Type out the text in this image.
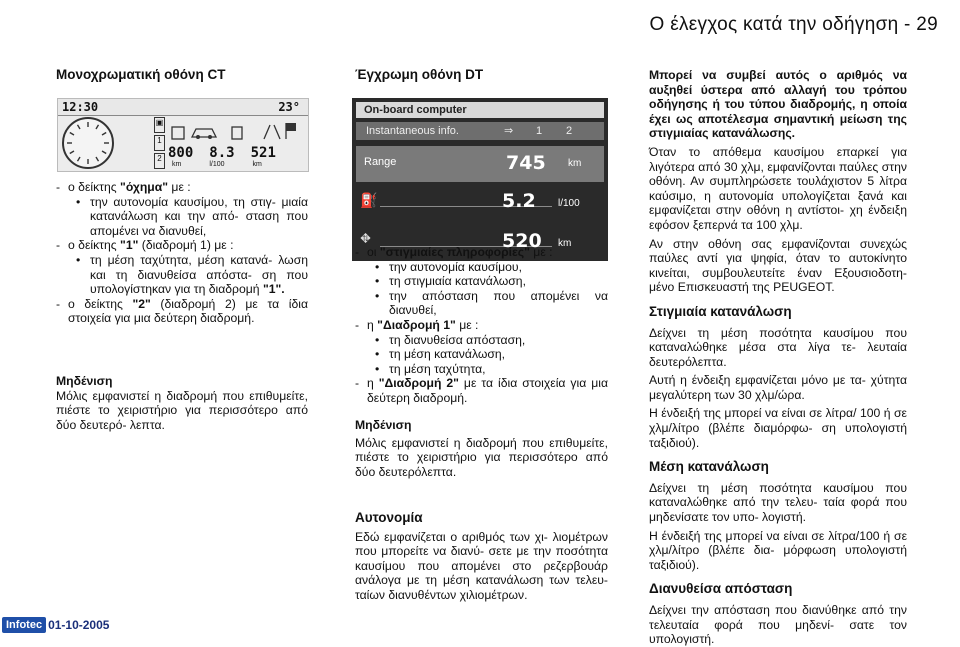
Ο έλεγχος κατά την οδήγηση - 29
Μονοχρωματική οθόνη CT
12:30	23°
▣
1
2 800 8.3 521
km	l/100	km
- ο δείκτης "όχημα" με :
• την αυτονομία καυσίμου, τη στιγ- μιαία κατανάλωση και την από- σταση που απομένει να διανυθεί,

- ο δείκτης "1" (διαδρομή 1) με :
• τη μέση ταχύτητα, μέση κατανά- λωση και τη διανυθείσα απόστα- ση που υπολογίστηκαν για τη διαδρομή "1".

- ο δείκτης "2" (διαδρομή 2) με τα ίδια στοιχεία για μια δεύτερη διαδρομή.

Μηδένιση

Μόλις εμφανιστεί η διαδρομή που επιθυμείτε, πιέστε το χειριστήριο για περισσότερο από δύο δευτερό- λεπτα.

Έγχρωμη οθόνη DT
On-board computer
Instantaneous info.	⇒ 1 2
Range	745 km
⛽	5.2 l/100
⛖	520 km
- οι "στιγμιαίες πληροφορίες" με :
• την αυτονομία καυσίμου,

• τη στιγμιαία κατανάλωση,

• την απόσταση που απομένει να διανυθεί,

- η "Διαδρομή 1" με :
• τη διανυθείσα απόσταση,

• τη μέση κατανάλωση,

• τη μέση ταχύτητα,

- η "Διαδρομή 2" με τα ίδια στοιχεία για μια δεύτερη διαδρομή.

Μηδένιση

Μόλις εμφανιστεί η διαδρομή που επιθυμείτε, πιέστε το χειριστήριο για περισσότερο από δύο δευτερόλεπτα.

Αυτονομία

Εδώ εμφανίζεται ο αριθμός των χι- λιομέτρων που μπορείτε να διανύ- σετε με την ποσότητα καυσίμου που απομένει στο ρεζερβουάρ ανάλογα με τη μέση κατανάλωση των τελευ- ταίων διανυθέντων χιλιομέτρων.

Μπορεί να συμβεί αυτός ο αριθμός να αυξηθεί ύστερα από αλλαγή του τρόπου οδήγησης ή του τύπου διαδρομής, η οποία έχει ως αποτέλεσμα σημαντική μείωση της στιγμιαίας κατανάλωσης.

Όταν το απόθεμα καυσίμου επαρκεί για λιγότερα από 30 χλμ, εμφανίζονται παύλες στην οθόνη. Αν συμπληρώσετε τουλάχιστον 5 λίτρα καύσιμο, η αυτονομία υπολογίζεται ξανά και εμφανίζεται στην οθόνη η αντίστοι- χη ένδειξη εφόσον ξεπερνά τα 100 χλμ.

Αν στην οθόνη σας εμφανίζονται συνεχώς παύλες αντί για ψηφία, όταν το αυτοκίνητο κινείται, συμβουλευτείτε έναν Εξουσιοδοτη- μένο Επισκευαστή της PEUGEOT.

Στιγμιαία κατανάλωση

Δείχνει τη μέση ποσότητα καυσίμου που καταναλώθηκε μέσα στα λίγα τε- λευταία δευτερόλεπτα.

Αυτή η ένδειξη εμφανίζεται μόνο με τα- χύτητα μεγαλύτερη των 30 χλμ/ώρα.

Η ένδειξή της μπορεί να είναι σε λίτρα/ 100 ή σε χλμ/λίτρο (βλέπε διαμόρφω- ση υπολογιστή ταξιδιού).

Μέση κατανάλωση

Δείχνει τη μέση ποσότητα καυσίμου που καταναλώθηκε από την τελευ- ταία φορά που μηδενίσατε τον υπο- λογιστή.

Η ένδειξή της μπορεί να είναι σε λίτρα/100 ή σε χλμ/λίτρο (βλέπε δια- μόρφωση υπολογιστή ταξιδιού).

Διανυθείσα απόσταση

Δείχνει την απόσταση που διανύθηκε από την τελευταία φορά που μηδενί- σατε τον υπολογιστή.

Infotec 01-10-2005
